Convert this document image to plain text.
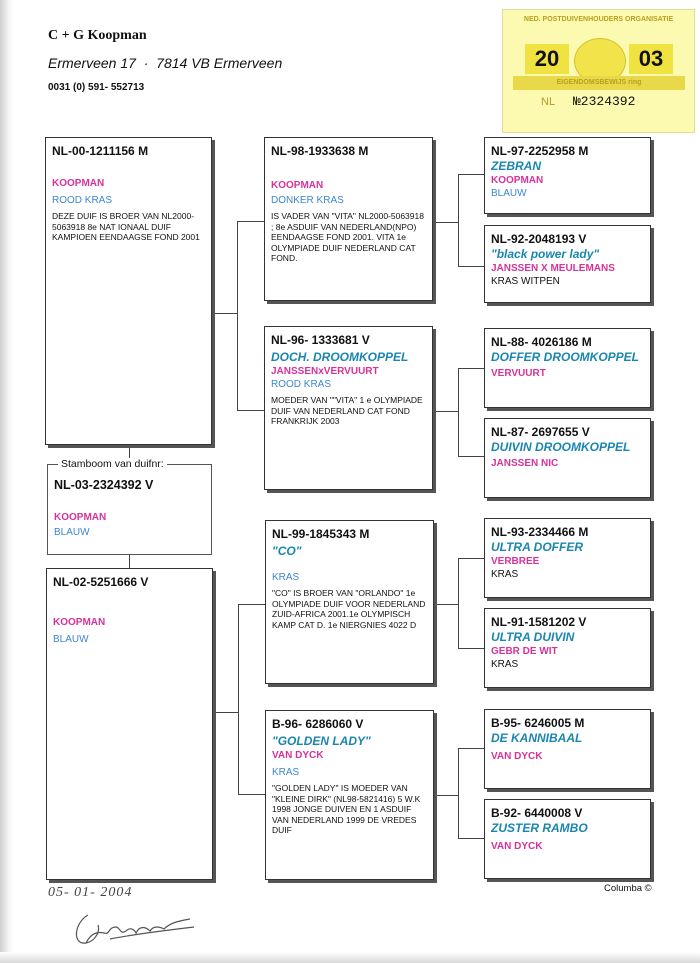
C + G Koopman
Ermerveen 17 · 7814 VB Ermerveen
0031 (0) 591- 552713
NED. POSTDUIVENHOUDERS ORGANISATIE
20	03
EIGENDOMSBEWIJS ring
NL №2324392
NL-00-1211156 M
KOOPMAN
ROOD KRAS
DEZE DUIF IS BROER VAN NL2000-5063918 8e NAT IONAAL DUIF KAMPIOEN EENDAAGSE FOND 2001
Stamboom van duifnr:
NL-03-2324392 V
KOOPMAN
BLAUW
NL-02-5251666 V
KOOPMAN
BLAUW
NL-98-1933638 M
KOOPMAN
DONKER KRAS
IS VADER VAN "VITA" NL2000-5063918 ; 8e ASDUIF VAN NEDERLAND(NPO) EENDAAGSE FOND 2001. VITA 1e OLYMPIADE DUIF NEDERLAND CAT FOND.
NL-96- 1333681 V
DOCH. DROOMKOPPEL
JANSSENxVERVUURT
ROOD KRAS
MOEDER VAN ""VITA" 1 e OLYMPIADE DUIF VAN NEDERLAND CAT FOND FRANKRIJK 2003
NL-99-1845343 M
"CO"
KRAS
"CO" IS BROER VAN "ORLANDO" 1e OLYMPIADE DUIF VOOR NEDERLAND ZUID-AFRICA 2001.1e OLYMPISCH KAMP CAT D. 1e NIERGNIES 4022 D
B-96- 6286060 V
"GOLDEN LADY"
VAN DYCK
KRAS
"GOLDEN LADY" IS MOEDER VAN "KLEINE DIRK" (NL98-5821416) 5 W.K 1998 JONGE DUIVEN EN 1 ASDUIF VAN NEDERLAND 1999 DE VREDES DUIF
NL-97-2252958 M
ZEBRAN
KOOPMAN
BLAUW
NL-92-2048193 V
"black power lady"
JANSSEN X MEULEMANS
KRAS WITPEN
NL-88- 4026186 M
DOFFER DROOMKOPPEL
VERVUURT
NL-87- 2697655 V
DUIVIN DROOMKOPPEL
JANSSEN NIC
NL-93-2334466 M
ULTRA DOFFER
VERBREE
KRAS
NL-91-1581202 V
ULTRA DUIVIN
GEBR DE WIT
KRAS
B-95- 6246005 M
DE KANNIBAAL
VAN DYCK
B-92- 6440008 V
ZUSTER RAMBO
VAN DYCK
05- 01- 2004	Columba ©
